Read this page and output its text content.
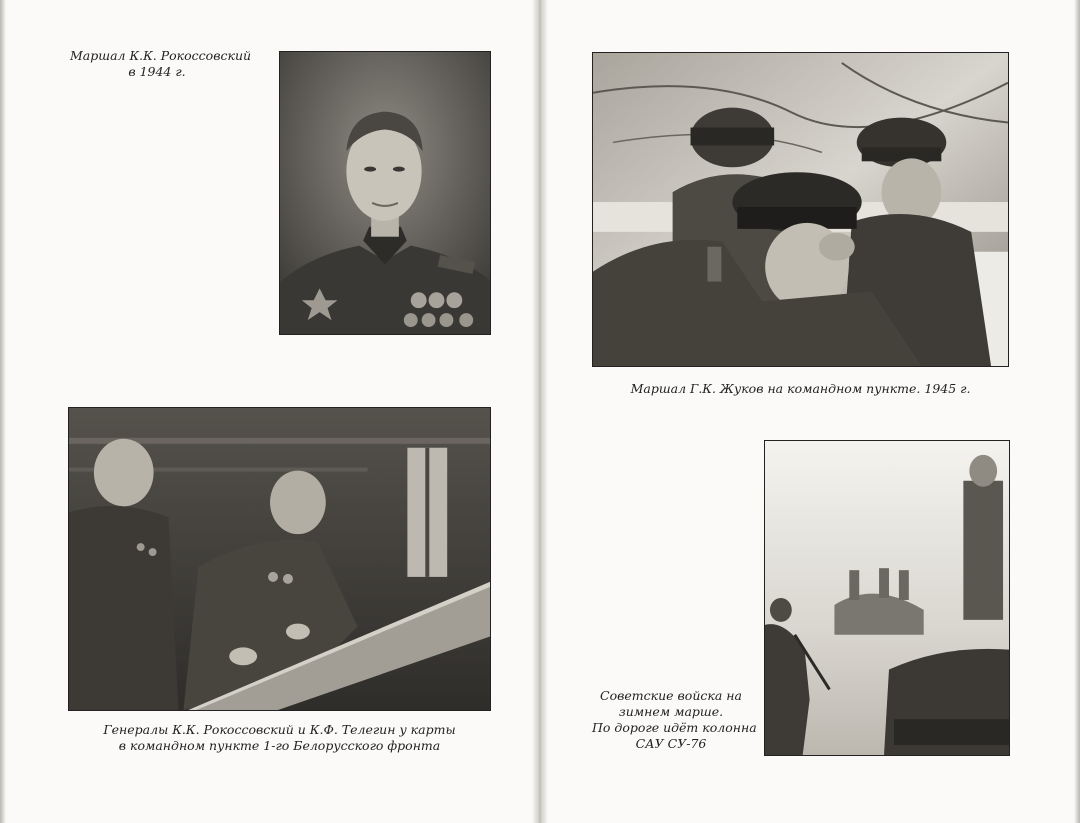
Маршал К.К. Рокоссовский
в 1944 г.
Маршал Г.К. Жуков на командном пункте. 1945 г.
Генералы К.К. Рокоссовский и К.Ф. Телегин у карты
в командном пункте 1-го Белорусского фронта
Советские войска на
зимнем марше.
По дороге идёт колонна
САУ СУ-76
